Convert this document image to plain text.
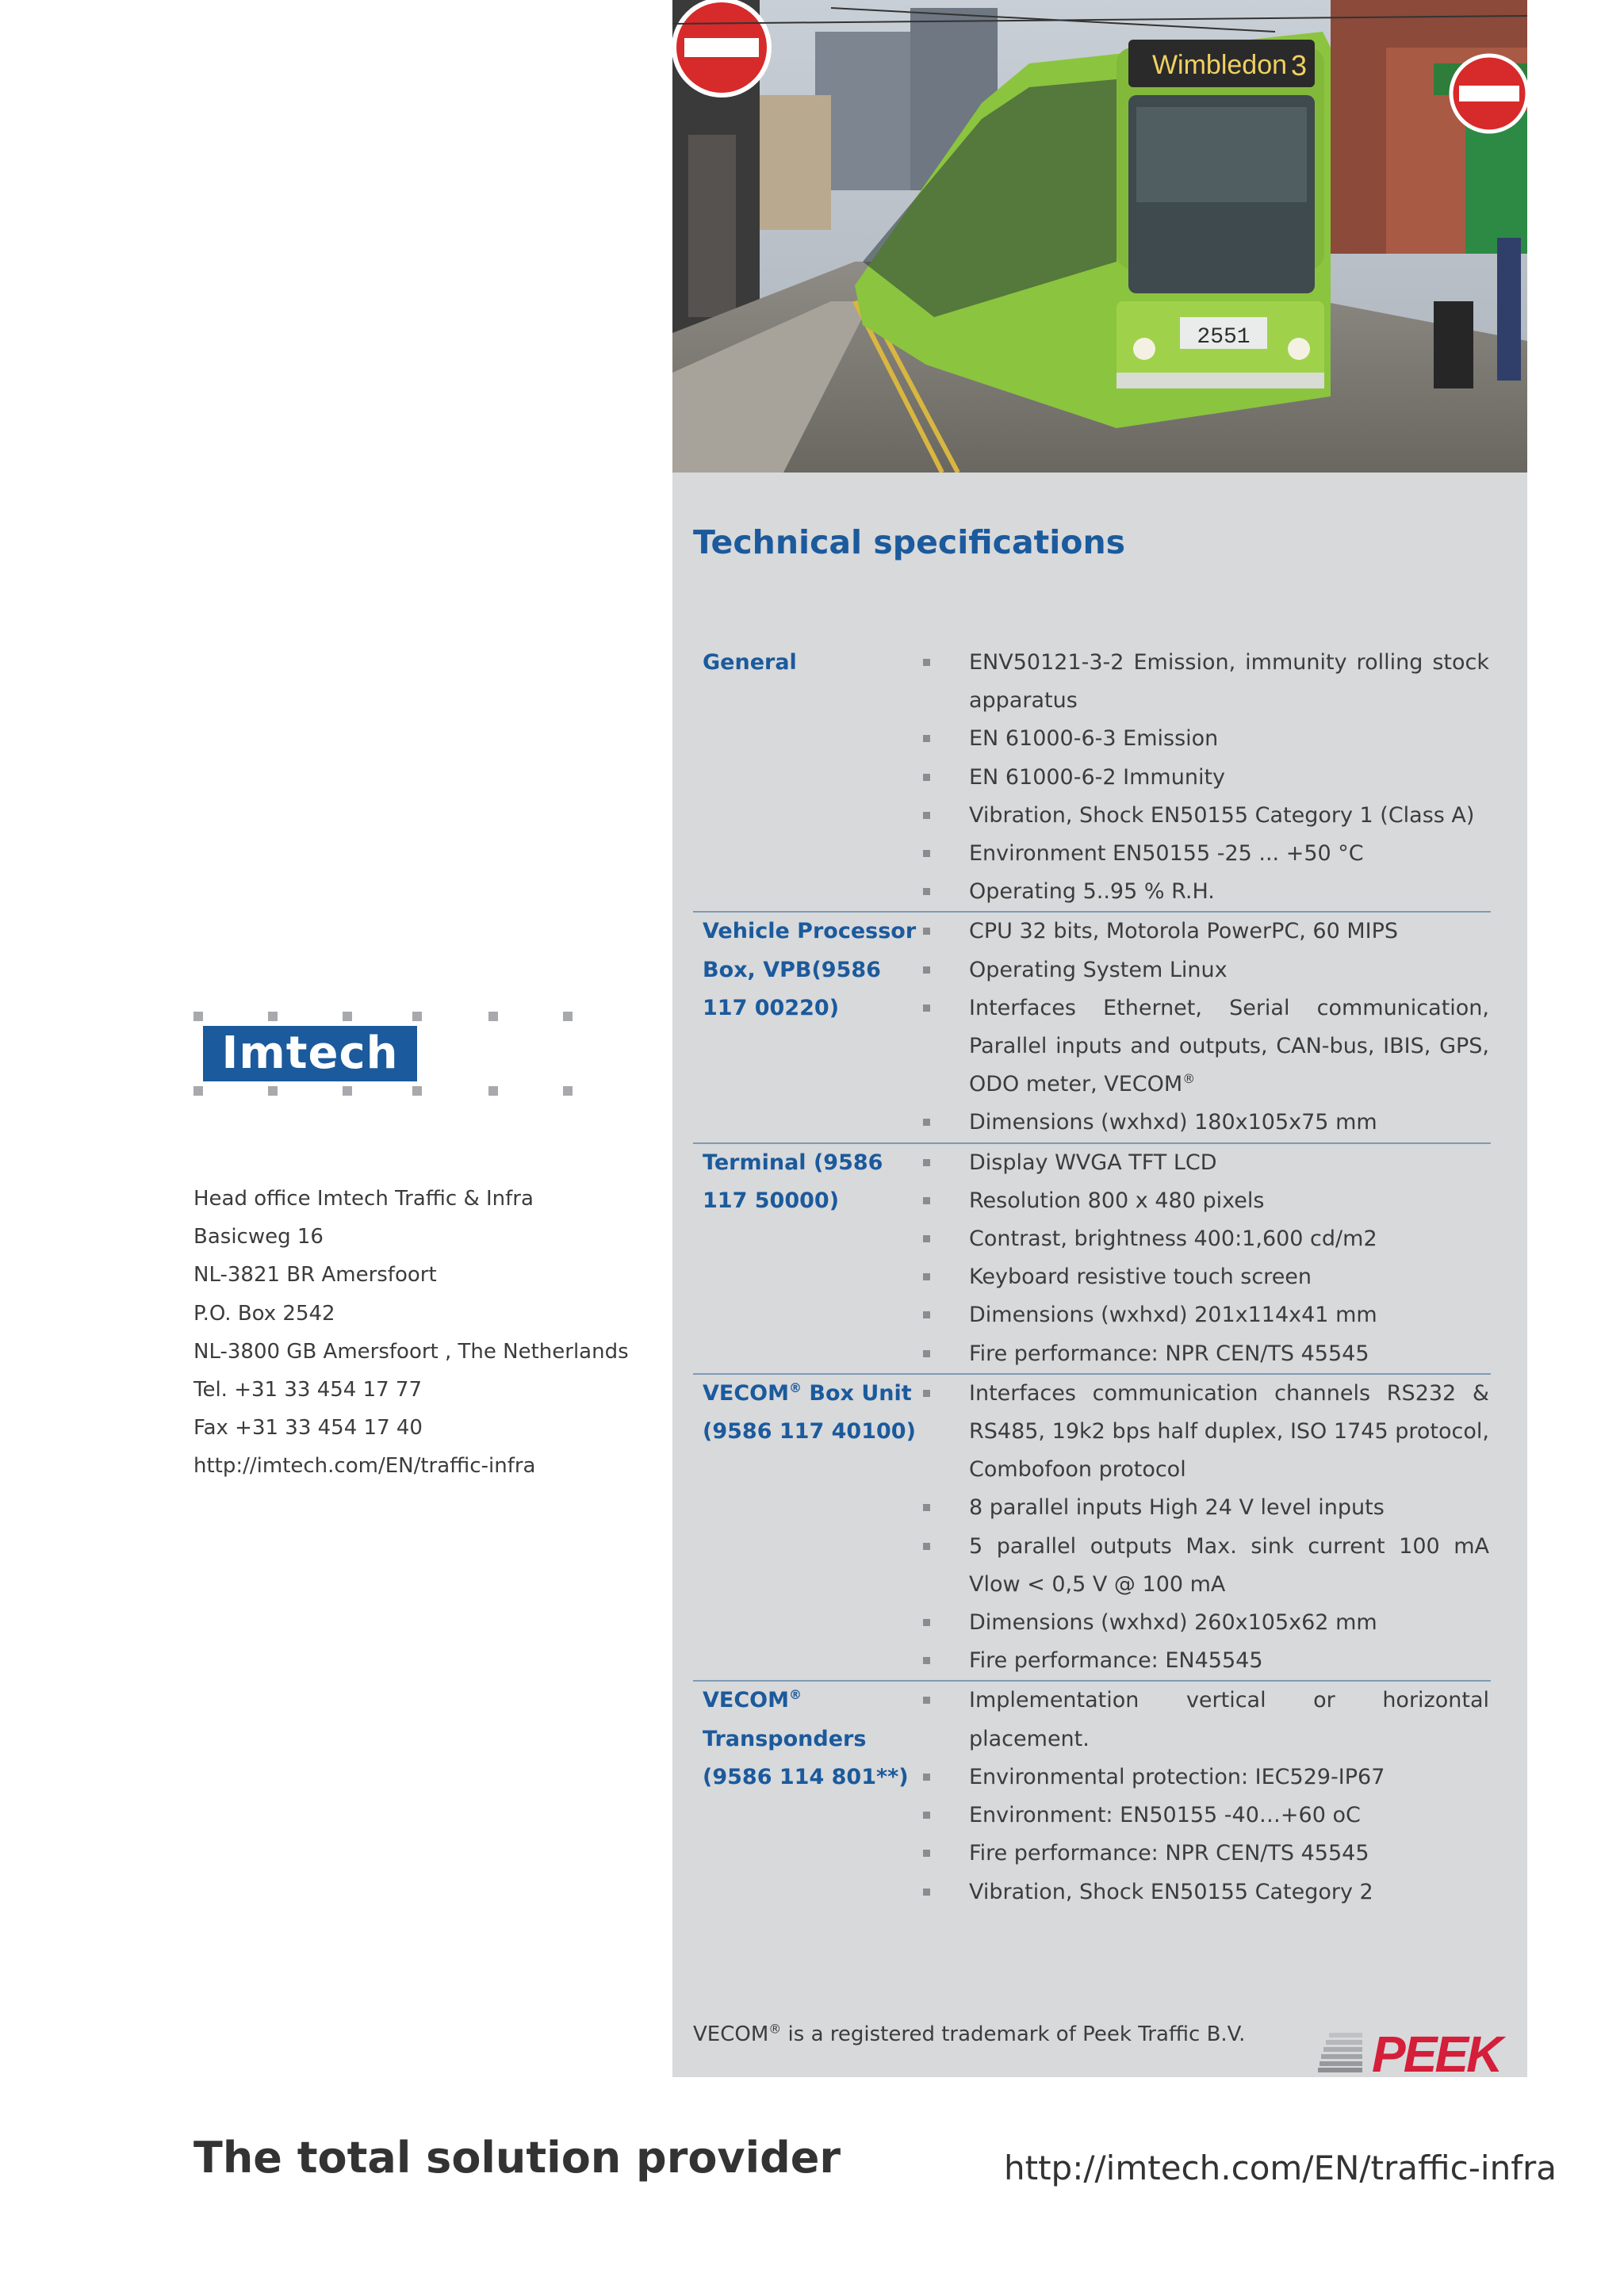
Wimbledon 3
2551
Technical specifications
General	ENV50121-3-2 Emission, immunity rolling stock apparatus
EN 61000-6-3 Emission
EN 61000-6-2 Immunity
Vibration, Shock EN50155 Category 1 (Class A)
Environment EN50155 -25 ... +50 °C
Operating 5..95 % R.H.
Vehicle Processor Box, VPB(9586 117 00220)
CPU 32 bits, Motorola PowerPC, 60 MIPS
Operating System Linux
Interfaces Ethernet, Serial communication, Parallel inputs and outputs, CAN-bus, IBIS, GPS, ODO meter, VECOM®
Dimensions (wxhxd) 180x105x75 mm
Terminal (9586 117 50000)
Display WVGA TFT LCD
Resolution 800 x 480 pixels
Contrast, brightness 400:1,600 cd/m2
Keyboard resistive touch screen
Dimensions (wxhxd) 201x114x41 mm
Fire performance: NPR CEN/TS 45545
VECOM® Box Unit (9586 117 40100)
Interfaces communication channels RS232 & RS485, 19k2 bps half duplex, ISO 1745 protocol, Combofoon protocol
8 parallel inputs High 24 V level inputs
5 parallel outputs Max. sink current 100 mA Vlow < 0,5 V @ 100 mA
Dimensions (wxhxd) 260x105x62 mm
Fire performance: EN45545
VECOM® Transponders (9586 114 801**)
Implementation vertical or horizontal placement.
Environmental protection: IEC529-IP67
Environment: EN50155 -40…+60 oC
Fire performance: NPR CEN/TS 45545
Vibration, Shock EN50155 Category 2
VECOM® is a registered trademark of Peek Traffic B.V. PEEK
Imtech
Head office Imtech Traffic & Infra
Basicweg 16
NL-3821 BR Amersfoort
P.O. Box 2542
NL-3800 GB Amersfoort , The Netherlands
Tel. +31 33 454 17 77
Fax +31 33 454 17 40
http://imtech.com/EN/traffic-infra
The total solution provider	http://imtech.com/EN/traffic-infra
